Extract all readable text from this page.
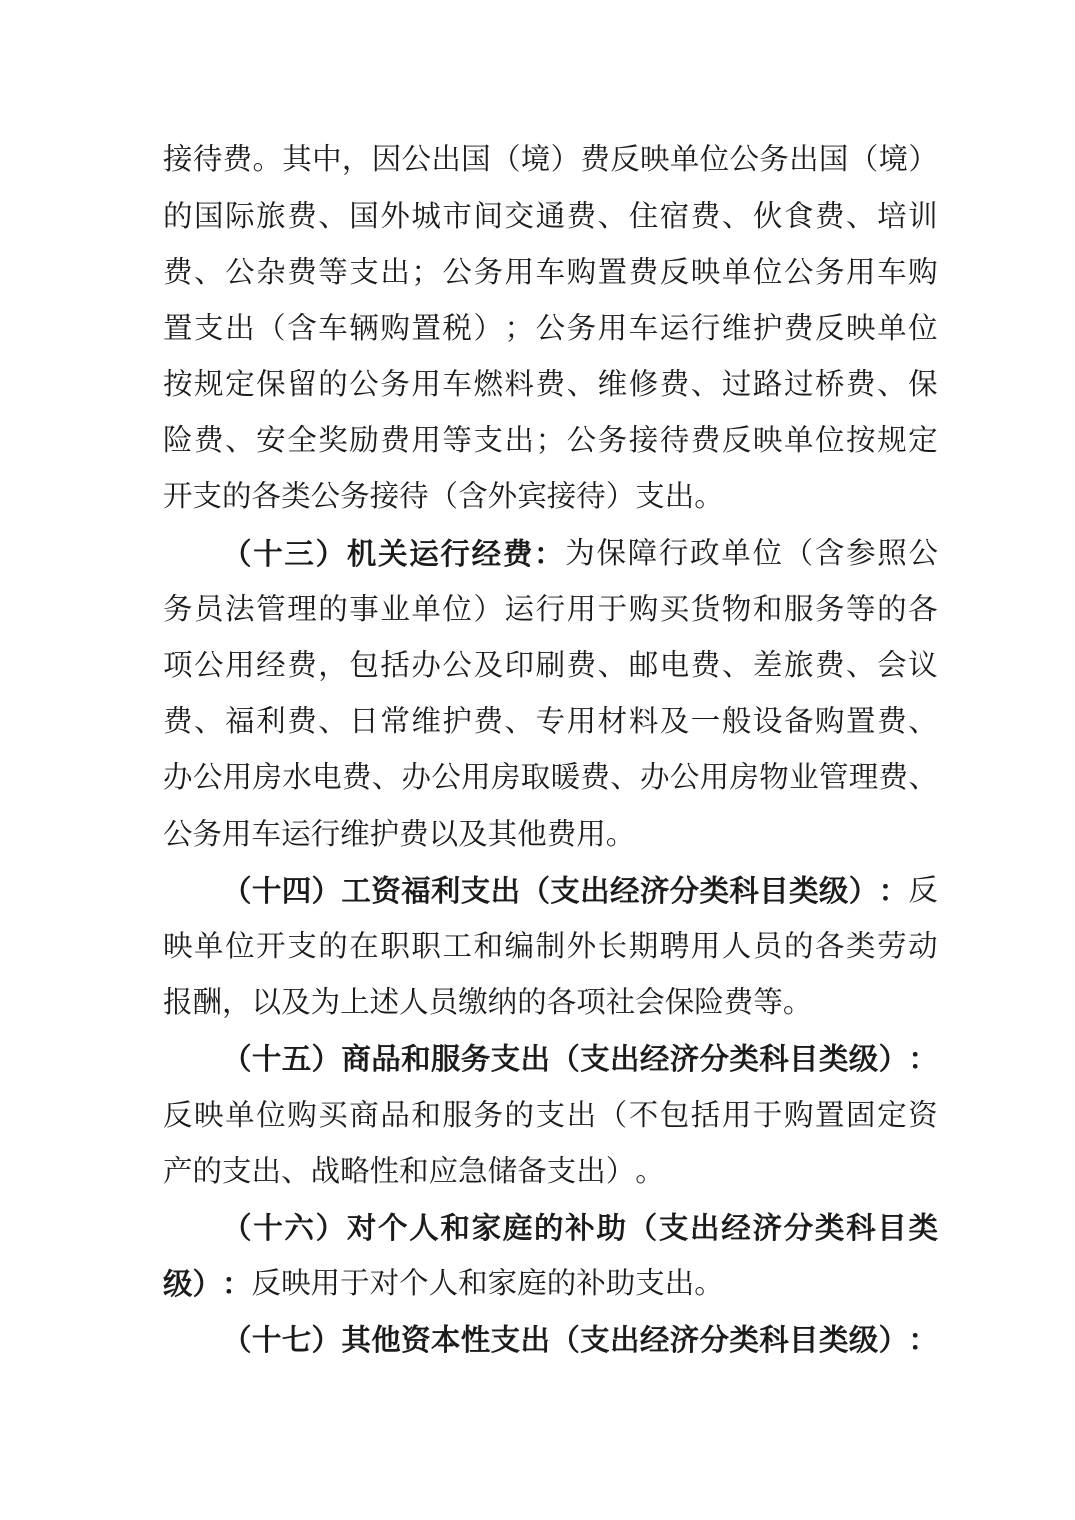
接 待 费 。 其 中 ， 因 公 出 国 （ 境 ） 费 反 映 单 位 公 务 出 国 （ 境 ）
的 国 际 旅 费 、 国 外 城 市 间 交 通 费 、 住 宿 费 、 伙 食 费 、 培 训
费 、 公 杂 费 等 支 出 ； 公 务 用 车 购 置 费 反 映 单 位 公 务 用 车 购
置 支 出 （ 含 车 辆 购 置 税 ） ； 公 务 用 车 运 行 维 护 费 反 映 单 位
按 规 定 保 留 的 公 务 用 车 燃 料 费 、 维 修 费 、 过 路 过 桥 费 、 保
险 费 、 安 全 奖 励 费 用 等 支 出 ； 公 务 接 待 费 反 映 单 位 按 规 定
开 支 的 各 类 公 务 接 待 （ 含 外 宾 接 待 ） 支 出 。
（ 十 三 ） 机 关 运 行 经 费 ： 为 保 障 行 政 单 位 （ 含 参 照 公
务 员 法 管 理 的 事 业 单 位 ） 运 行 用 于 购 买 货 物 和 服 务 等 的 各
项 公 用 经 费 ， 包 括 办 公 及 印 刷 费 、 邮 电 费 、 差 旅 费 、 会 议
费 、 福 利 费 、 日 常 维 护 费 、 专 用 材 料 及 一 般 设 备 购 置 费 、
办 公 用 房 水 电 费 、 办 公 用 房 取 暖 费 、 办 公 用 房 物 业 管 理 费 、
公 务 用 车 运 行 维 护 费 以 及 其 他 费 用 。
（ 十 四 ） 工 资 福 利 支 出 （ 支 出 经 济 分 类 科 目 类 级 ） ： 反
映 单 位 开 支 的 在 职 职 工 和 编 制 外 长 期 聘 用 人 员 的 各 类 劳 动
报 酬 ， 以 及 为 上 述 人 员 缴 纳 的 各 项 社 会 保 险 费 等 。
（ 十 五 ） 商 品 和 服 务 支 出 （ 支 出 经 济 分 类 科 目 类 级 ） ：
反 映 单 位 购 买 商 品 和 服 务 的 支 出 （ 不 包 括 用 于 购 置 固 定 资
产 的 支 出 、 战 略 性 和 应 急 储 备 支 出 ） 。
（ 十 六 ） 对 个 人 和 家 庭 的 补 助 （ 支 出 经 济 分 类 科 目 类
级 ） ： 反 映 用 于 对 个 人 和 家 庭 的 补 助 支 出 。
（ 十 七 ） 其 他 资 本 性 支 出 （ 支 出 经 济 分 类 科 目 类 级 ） ：
